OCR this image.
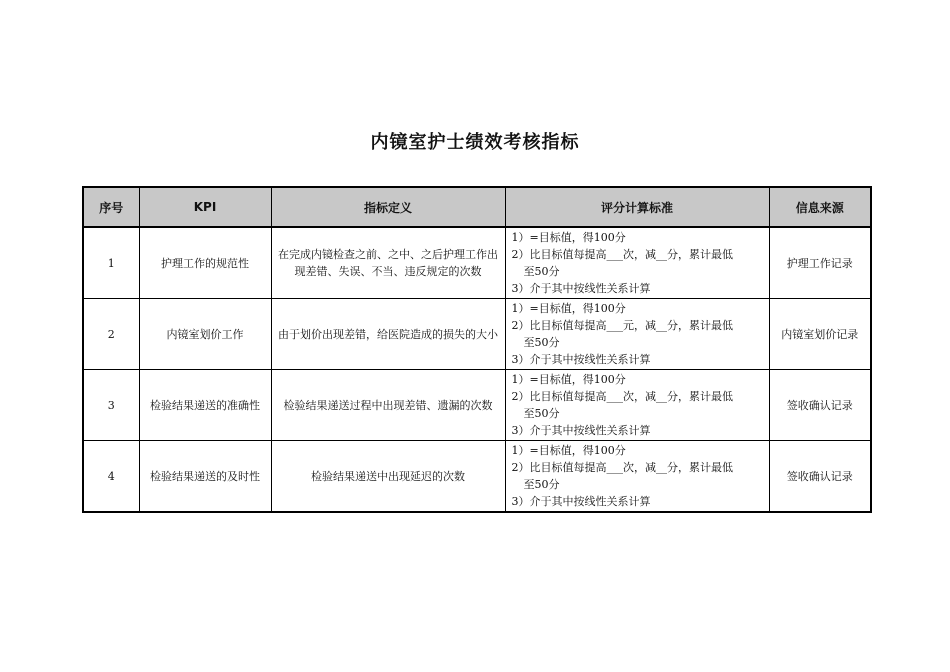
内镜室护士绩效考核指标
序号	KPI	指标定义	评分计算标准	信息来源
1	护理工作的规范性	在完成内镜检查之前、之中、之后护理工作出现差错、失误、不当、违反规定的次数	1）=目标值，得100分
2）比目标值每提高___次，减__分，累计最低
至50分
3）介于其中按线性关系计算	护理工作记录
2	内镜室划价工作	由于划价出现差错，给医院造成的损失的大小	1）=目标值，得100分
2）比目标值每提高___元，减__分，累计最低
至50分
3）介于其中按线性关系计算	内镜室划价记录
3	检验结果递送的准确性	检验结果递送过程中出现差错、遗漏的次数	1）=目标值，得100分
2）比目标值每提高___次，减__分，累计最低
至50分
3）介于其中按线性关系计算	签收确认记录
4	检验结果递送的及时性	检验结果递送中出现延迟的次数	1）=目标值，得100分
2）比目标值每提高___次，减__分，累计最低
至50分
3）介于其中按线性关系计算	签收确认记录
